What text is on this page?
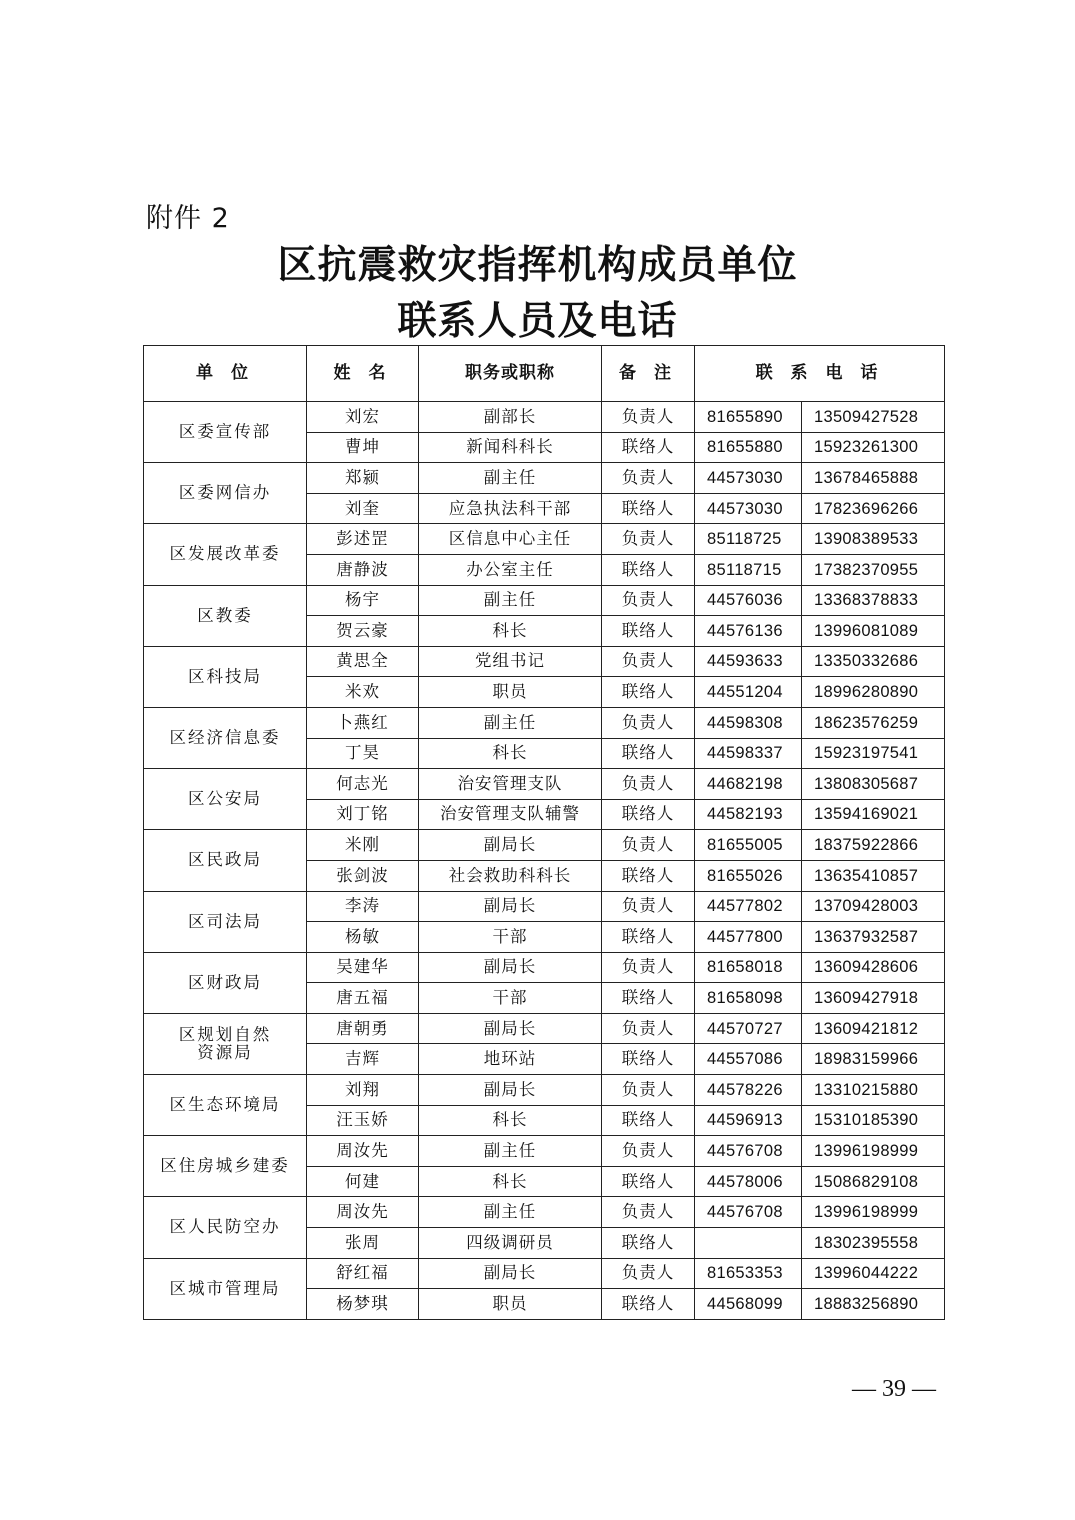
附件 2
区抗震救灾指挥机构成员单位
联系人员及电话
单 位	姓 名	职务或职称	备 注	联 系 电 话	
区委宣传部	刘宏	副部长	负责人	81655890	13509427528
	曹坤	新闻科科长	联络人	81655880	15923261300
区委网信办	郑颍	副主任	负责人	44573030	13678465888
	刘奎	应急执法科干部	联络人	44573030	17823696266
区发展改革委	彭述罡	区信息中心主任	负责人	85118725	13908389533
	唐静波	办公室主任	联络人	85118715	17382370955
区教委	杨宇	副主任	负责人	44576036	13368378833
	贺云豪	科长	联络人	44576136	13996081089
区科技局	黄思全	党组书记	负责人	44593633	13350332686
	米欢	职员	联络人	44551204	18996280890
区经济信息委	卜燕红	副主任	负责人	44598308	18623576259
	丁昊	科长	联络人	44598337	15923197541
区公安局	何志光	治安管理支队	负责人	44682198	13808305687
	刘丁铭	治安管理支队辅警	联络人	44582193	13594169021
区民政局	米刚	副局长	负责人	81655005	18375922866
	张剑波	社会救助科科长	联络人	81655026	13635410857
区司法局	李涛	副局长	负责人	44577802	13709428003
	杨敏	干部	联络人	44577800	13637932587
区财政局	吴建华	副局长	负责人	81658018	13609428606
	唐五福	干部	联络人	81658098	13609427918

区规划自然
资源局	唐朝勇	副局长	负责人	44570727	13609421812
	吉辉	地环站	联络人	44557086	18983159966
区生态环境局	刘翔	副局长	负责人	44578226	13310215880
	汪玉娇	科长	联络人	44596913	15310185390
区住房城乡建委	周汝先	副主任	负责人	44576708	13996198999
	何建	科长	联络人	44578006	15086829108
区人民防空办	周汝先	副主任	负责人	44576708	13996198999
	张周	四级调研员	联络人		18302395558
区城市管理局	舒红福	副局长	负责人	81653353	13996044222
	杨梦琪	职员	联络人	44568099	18883256890
— 39 —
